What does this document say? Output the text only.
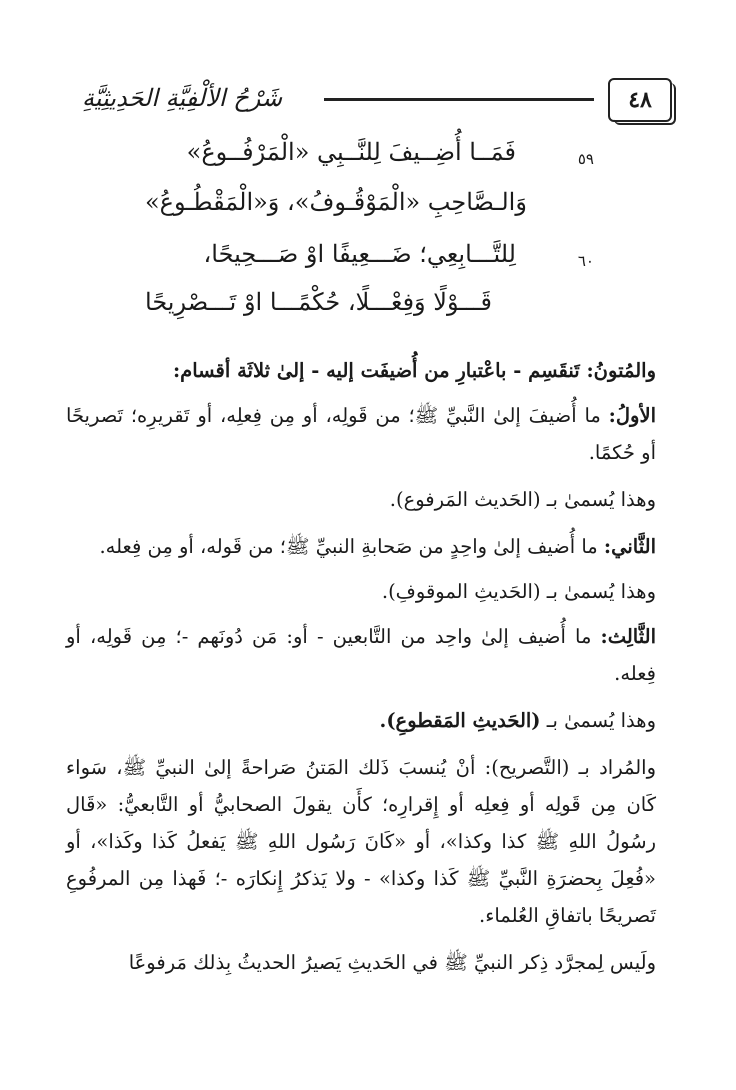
٤٨
شَرْحُ الألْفِيَّةِ الحَدِيثِيَّةِ
٥٩
فَمَــا أُضِــيفَ لِلنَّــبِي «الْمَرْفُــوعُ»
وَالـصَّاحِبِ «الْمَوْقُـوفُ»، وَ«الْمَقْطُـوعُ»
٦٠
لِلتَّـــابِعِي؛ ضَـــعِيفًا اوْ صَـــحِيحًا،
قَـــوْلًا وَفِعْـــلًا، حُكْمًـــا اوْ تَـــصْرِيحًا

والمُتونُ: تَنقَسِم - باعْتبارِ من أُضيفَت إليه - إلىٰ ثلاثَة أقسام:

الأولُ: ما أُضيفَ إلىٰ النَّبيِّ ﷺ؛ من قَولِه، أو مِن فِعلِه، أو تَقريرِه؛ تَصريحًا أو حُكمًا.

وهذا يُسمىٰ بـ (الحَديث المَرفوع).

الثَّاني: ما أُضيف إلىٰ واحِدٍ من صَحابةِ النبيِّ ﷺ؛ من قَوله، أو مِن فِعله.

وهذا يُسمىٰ بـ (الحَديثِ الموقوفِ).

الثَّالِث: ما أُضيف إلىٰ واحِد من التَّابعين - أو: مَن دُونَهم -؛ مِن قَولِه، أو فِعله.

وهذا يُسمىٰ بـ (الحَديثِ المَقطوعِ).

والمُراد بـ (التَّصريح): أنْ يُنسبَ ذَلك المَتنُ صَراحةً إلىٰ النبيِّ ﷺ، سَواء كَان مِن قَولِه أو فِعلِه أو إِقرارِه؛ كأَن يقولَ الصحابيُّ أو التَّابعيُّ: «قَال رسُولُ اللهِ ﷺ كذا وكذا»، أو «كَانَ رَسُول اللهِ ﷺ يَفعلُ كَذا وكَذا»، أو «فُعِلَ بِحضرَةِ النَّبيِّ ﷺ كَذا وكذا» - ولا يَذكرُ إِنكارَه -؛ فَهذا مِن المرفُوعِ تَصريحًا باتفاقِ العُلماء.

ولَيس لِمجرَّد ذِكر النبيِّ ﷺ في الحَديثِ يَصيرُ الحديثُ بِذلك مَرفوعًا
